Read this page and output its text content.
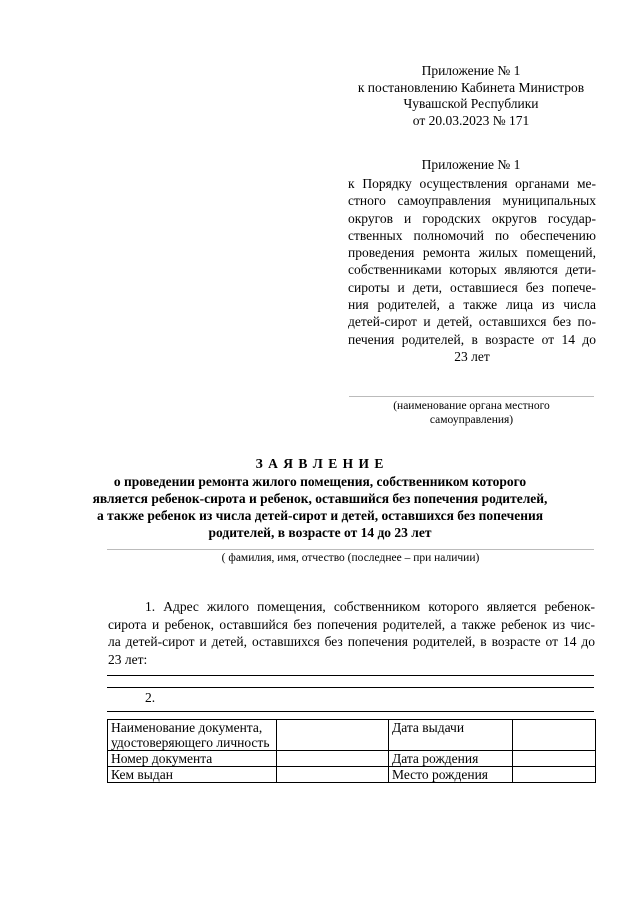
Приложение № 1
к постановлению Кабинета Министров
Чувашской Республики
от 20.03.2023 № 171
Приложение № 1
к Порядку осуществления органами ме-
стного самоуправления муниципальных
округов и городских округов государ-
ственных полномочий по обеспечению
проведения ремонта жилых помещений,
собственниками которых являются дети-
сироты и дети, оставшиеся без попече-
ния родителей, а также лица из числа
детей-сирот и детей, оставшихся без по-
печения родителей, в возрасте от 14 до
23 лет
(наименование органа местного
самоуправления)
З А Я В Л Е Н И Е
о проведении ремонта жилого помещения, собственником которого
является ребенок-сирота и ребенок, оставшийся без попечения родителей,
а также ребенок из числа детей-сирот и детей, оставшихся без попечения
родителей, в возрасте от 14 до 23 лет
( фамилия, имя, отчество (последнее – при наличии)
1. Адрес жилого помещения, собственником которого является ребенок-
сирота и ребенок, оставшийся без попечения родителей, а также ребенок из чис-
ла детей-сирот и детей, оставшихся без попечения родителей, в возрасте от 14 до
23 лет:
2.
Наименование документа, удостоверяющего личность		Дата выдачи	
Номер документа		Дата рождения	
Кем выдан		Место рождения	
